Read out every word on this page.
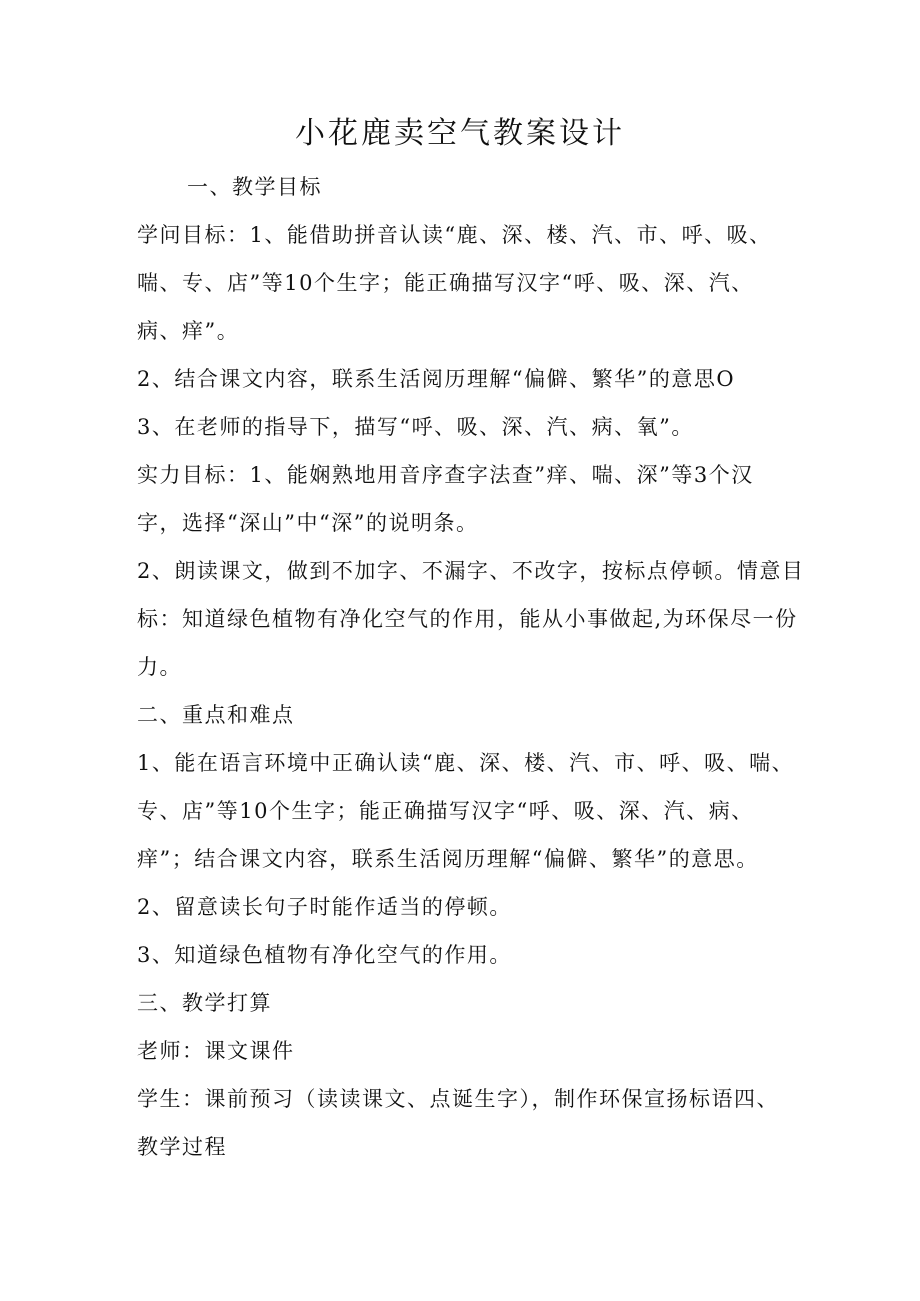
小花鹿卖空气教案设计
一、教学目标
学问目标：1、能借助拼音认读“鹿、深、楼、汽、市、呼、吸、
喘、专、店”等10个生字；能正确描写汉字“呼、吸、深、汽、
病、痒”。
2、结合课文内容，联系生活阅历理解“偏僻、繁华”的意思O
3、在老师的指导下，描写“呼、吸、深、汽、病、氧”。
实力目标：1、能娴熟地用音序查字法查”痒、喘、深”等3个汉
字，选择“深山”中“深”的说明条。
2、朗读课文，做到不加字、不漏字、不改字，按标点停顿。情意目
标：知道绿色植物有净化空气的作用，能从小事做起,为环保尽一份
力。
二、重点和难点
1、能在语言环境中正确认读“鹿、深、楼、汽、市、呼、吸、喘、
专、店”等10个生字；能正确描写汉字“呼、吸、深、汽、病、
痒”；结合课文内容，联系生活阅历理解“偏僻、繁华”的意思。
2、留意读长句子时能作适当的停顿。
3、知道绿色植物有净化空气的作用。
三、教学打算
老师：课文课件
学生：课前预习（读读课文、点诞生字），制作环保宣扬标语四、
教学过程
